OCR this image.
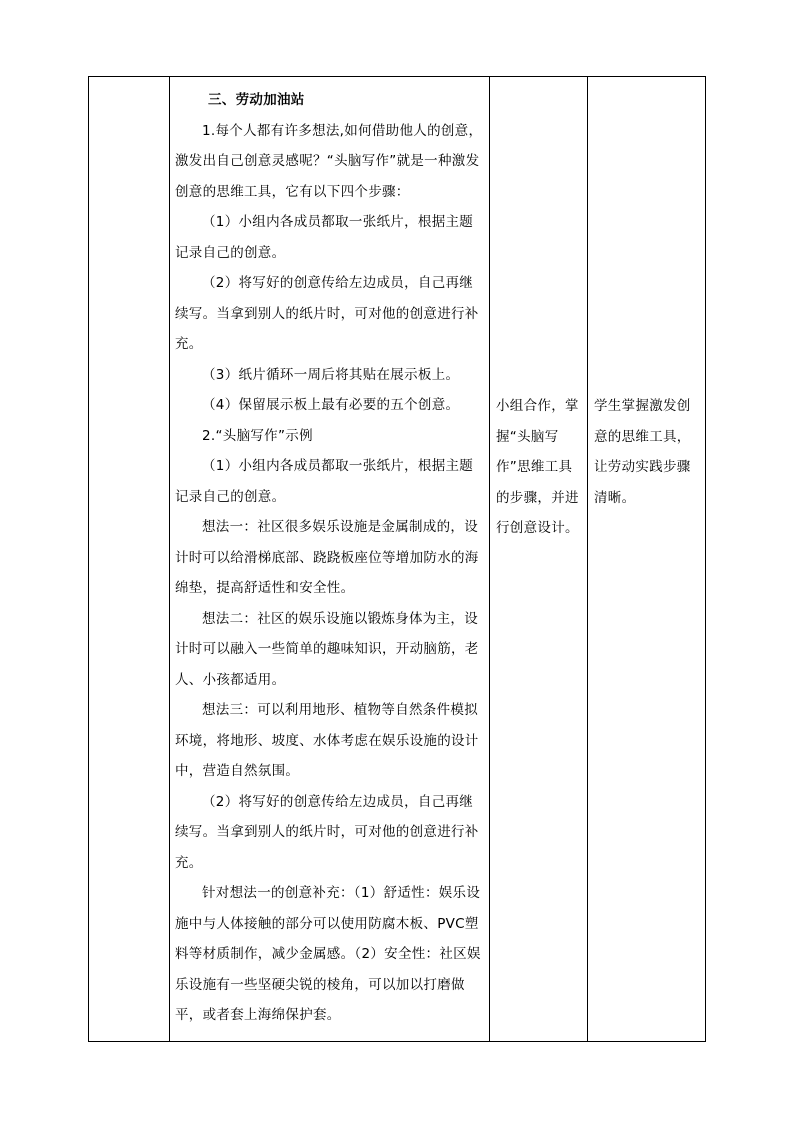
三、劳动加油站

1.每个人都有许多想法,如何借助他人的创意，激发出自己创意灵感呢？“头脑写作”就是一种激发创意的思维工具，它有以下四个步骤：

（1）小组内各成员都取一张纸片，根据主题记录自己的创意。

（2）将写好的创意传给左边成员，自己再继续写。当拿到别人的纸片时，可对他的创意进行补充。

（3）纸片循环一周后将其贴在展示板上。

（4）保留展示板上最有必要的五个创意。

2.“头脑写作”示例

（1）小组内各成员都取一张纸片，根据主题记录自己的创意。

想法一：社区很多娱乐设施是金属制成的，设计时可以给滑梯底部、跷跷板座位等增加防水的海绵垫，提高舒适性和安全性。

想法二：社区的娱乐设施以锻炼身体为主，设计时可以融入一些简单的趣味知识，开动脑筋，老人、小孩都适用。

想法三：可以利用地形、植物等自然条件模拟环境，将地形、坡度、水体考虑在娱乐设施的设计中，营造自然氛围。

（2）将写好的创意传给左边成员，自己再继续写。当拿到别人的纸片时，可对他的创意进行补充。

针对想法一的创意补充：（1）舒适性：娱乐设施中与人体接触的部分可以使用防腐木板、PVC塑料等材质制作，减少金属感。（2）安全性：社区娱乐设施有一些坚硬尖锐的棱角，可以加以打磨做平，或者套上海绵保护套。

小组合作，掌握“头脑写作”思维工具的步骤，并进行创意设计。

学生掌握激发创意的思维工具，让劳动实践步骤清晰。
